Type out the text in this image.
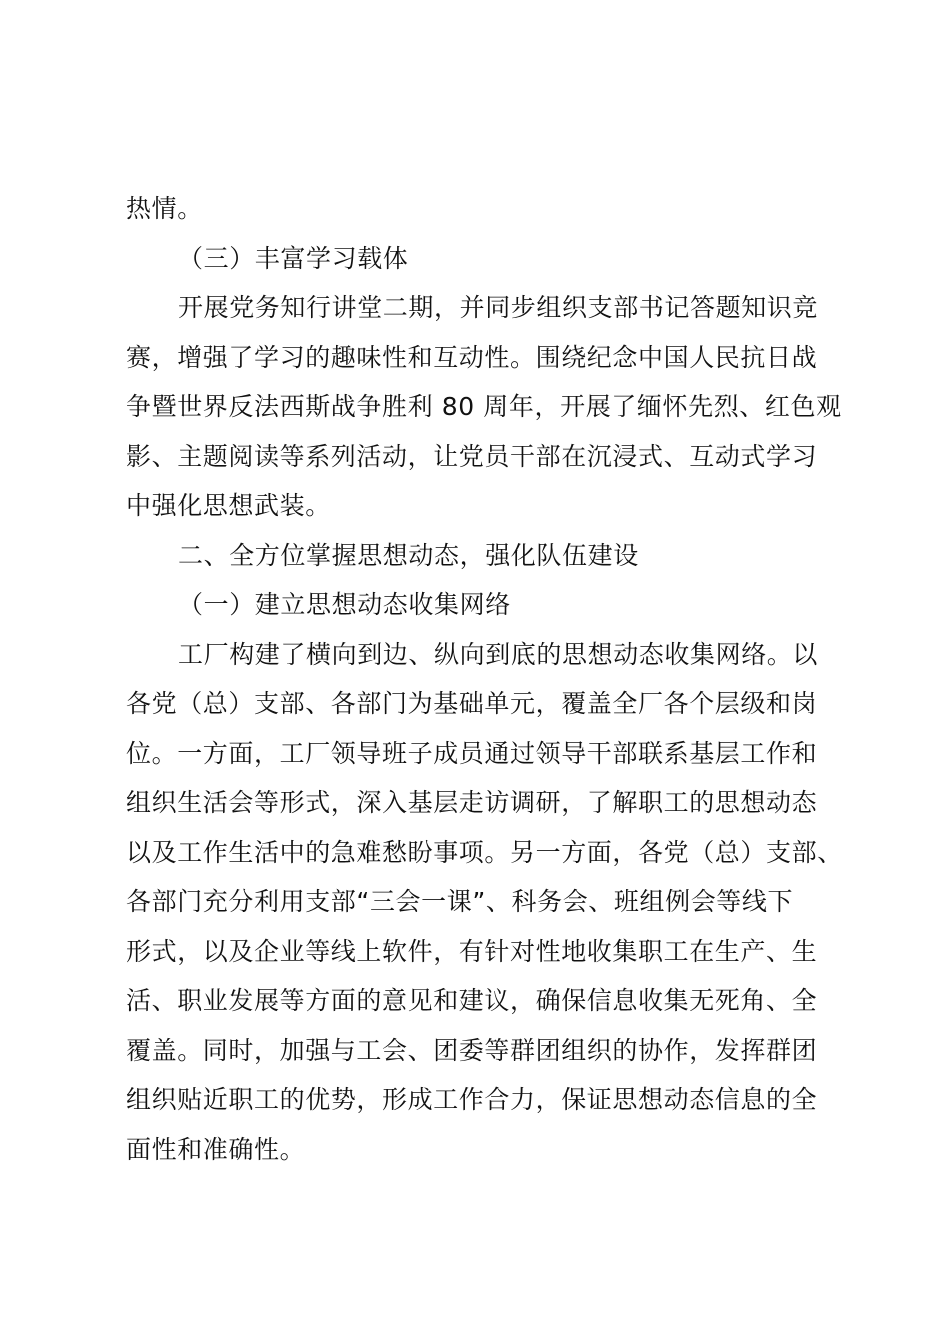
热情。
（三）丰富学习载体
开展党务知行讲堂二期，并同步组织支部书记答题知识竞
赛，增强了学习的趣味性和互动性。围绕纪念中国人民抗日战
争暨世界反法西斯战争胜利 80 周年，开展了缅怀先烈、红色观
影、主题阅读等系列活动，让党员干部在沉浸式、互动式学习
中强化思想武装。
二、全方位掌握思想动态，强化队伍建设
（一）建立思想动态收集网络
工厂构建了横向到边、纵向到底的思想动态收集网络。以
各党（总）支部、各部门为基础单元，覆盖全厂各个层级和岗
位。一方面，工厂领导班子成员通过领导干部联系基层工作和
组织生活会等形式，深入基层走访调研，了解职工的思想动态
以及工作生活中的急难愁盼事项。另一方面，各党（总）支部、
各部门充分利用支部“三会一课”、科务会、班组例会等线下
形式，以及企业等线上软件，有针对性地收集职工在生产、生
活、职业发展等方面的意见和建议，确保信息收集无死角、全
覆盖。同时，加强与工会、团委等群团组织的协作，发挥群团
组织贴近职工的优势，形成工作合力，保证思想动态信息的全
面性和准确性。
